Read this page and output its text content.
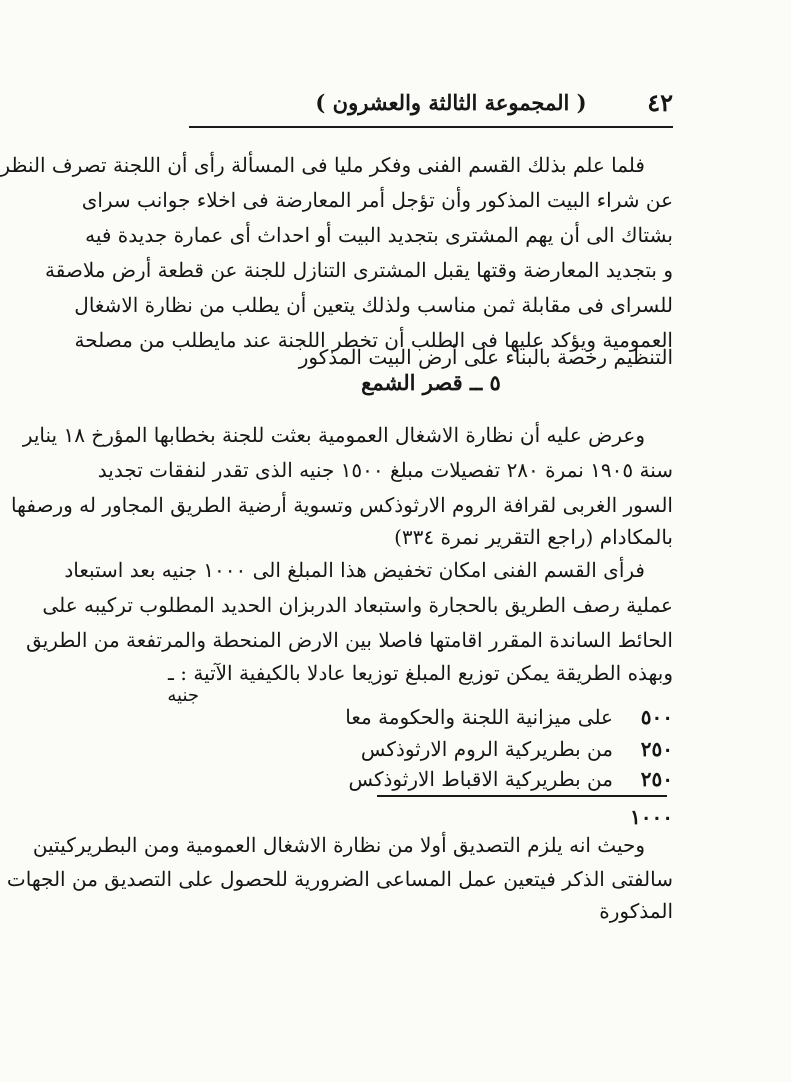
٤٢
( المجموعة الثالثة والعشرون )
فلما علم بذلك القسم الفنى وفكر مليا فى المسألة رأى أن اللجنة تصرف النظر
عن شراء البيت المذكور وأن تؤجل أمر المعارضة فى اخلاء جوانب سراى
بشتاك الى أن يهم المشترى بتجديد البيت أو احداث أى عمارة جديدة فيه
و بتجديد المعارضة وقتها يقبل المشترى التنازل للجنة عن قطعة أرض ملاصقة
للسراى فى مقابلة ثمن مناسب ولذلك يتعين أن يطلب من نظارة الاشغال
العمومية ويؤكد عليها فى الطلب أن تخطر اللجنة عند مايطلب من مصلحة
التنظيم رخصة بالبناء على أرض البيت المذكور
٥ ــ قصر الشمع
وعرض عليه أن نظارة الاشغال العمومية بعثت للجنة بخطابها المؤرخ ١٨ يناير
سنة ١٩٠٥ نمرة ٢٨٠ تفصيلات مبلغ ١٥٠٠ جنيه الذى تقدر لنفقات تجديد
السور الغربى لقرافة الروم الارثوذكس وتسوية أرضية الطريق المجاور له ورصفها
بالمكادام (راجع التقرير نمرة ٣٣٤)
فرأى القسم الفنى امكان تخفيض هذا المبلغ الى ١٠٠٠ جنيه بعد استبعاد
عملية رصف الطريق بالحجارة واستبعاد الدربزان الحديد المطلوب تركيبه على
الحائط الساندة المقرر اقامتها فاصلا بين الارض المنحطة والمرتفعة من الطريق
وبهذه الطريقة يمكن توزيع المبلغ توزيعا عادلا بالكيفية الآتية : ـ
جنيه
٥٠٠على ميزانية اللجنة والحكومة معا
٢٥٠من بطريركية الروم الارثوذكس
٢٥٠من بطريركية الاقباط الارثوذكس
١٠٠٠
وحيث انه يلزم التصديق أولا من نظارة الاشغال العمومية ومن البطريركيتين
سالفتى الذكر فيتعين عمل المساعى الضرورية للحصول على التصديق من الجهات
المذكورة
